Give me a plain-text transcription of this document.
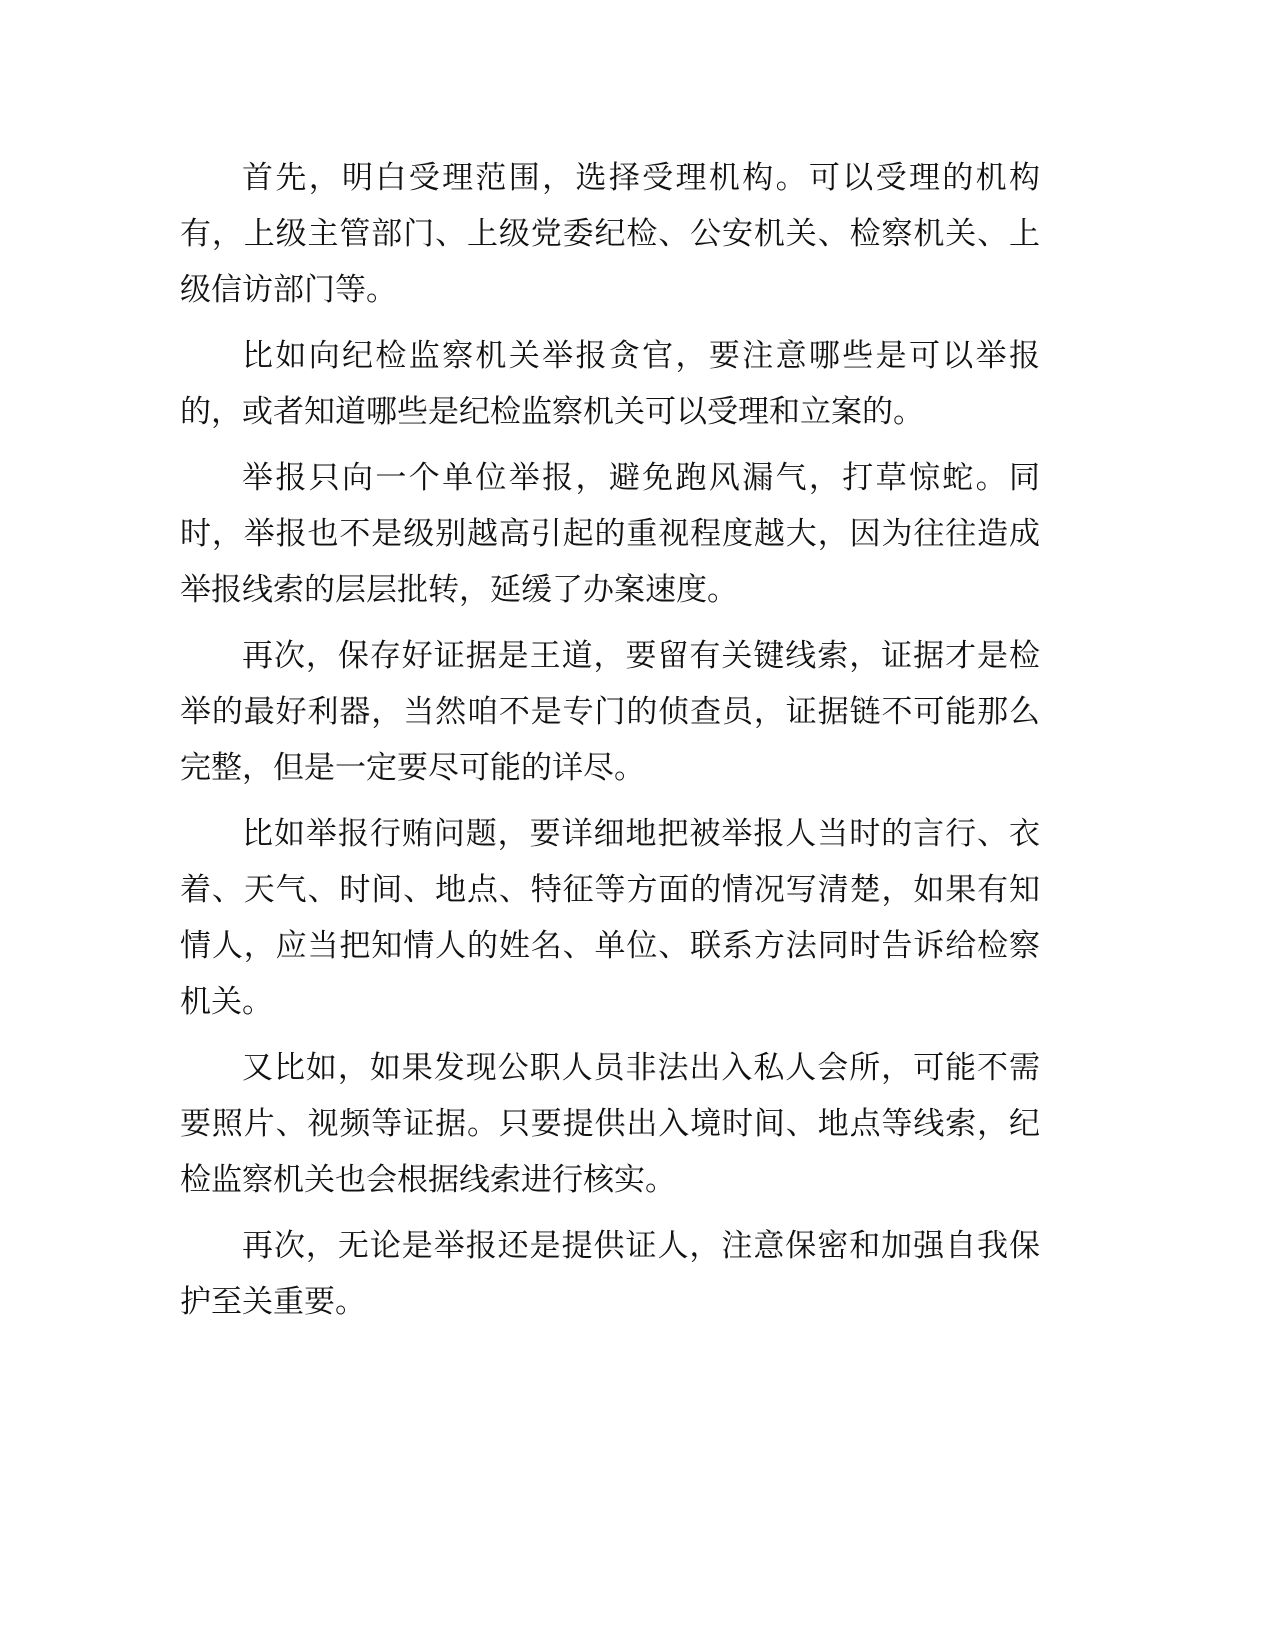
首先，明白受理范围，选择受理机构。可以受理的机构有，上级主管部门、上级党委纪检、公安机关、检察机关、上级信访部门等。

比如向纪检监察机关举报贪官，要注意哪些是可以举报的，或者知道哪些是纪检监察机关可以受理和立案的。

举报只向一个单位举报，避免跑风漏气，打草惊蛇。同时，举报也不是级别越高引起的重视程度越大，因为往往造成举报线索的层层批转，延缓了办案速度。

再次，保存好证据是王道，要留有关键线索，证据才是检举的最好利器，当然咱不是专门的侦查员，证据链不可能那么完整，但是一定要尽可能的详尽。

比如举报行贿问题，要详细地把被举报人当时的言行、衣着、天气、时间、地点、特征等方面的情况写清楚，如果有知情人，应当把知情人的姓名、单位、联系方法同时告诉给检察机关。

又比如，如果发现公职人员非法出入私人会所，可能不需要照片、视频等证据。只要提供出入境时间、地点等线索，纪检监察机关也会根据线索进行核实。

再次，无论是举报还是提供证人，注意保密和加强自我保护至关重要。
